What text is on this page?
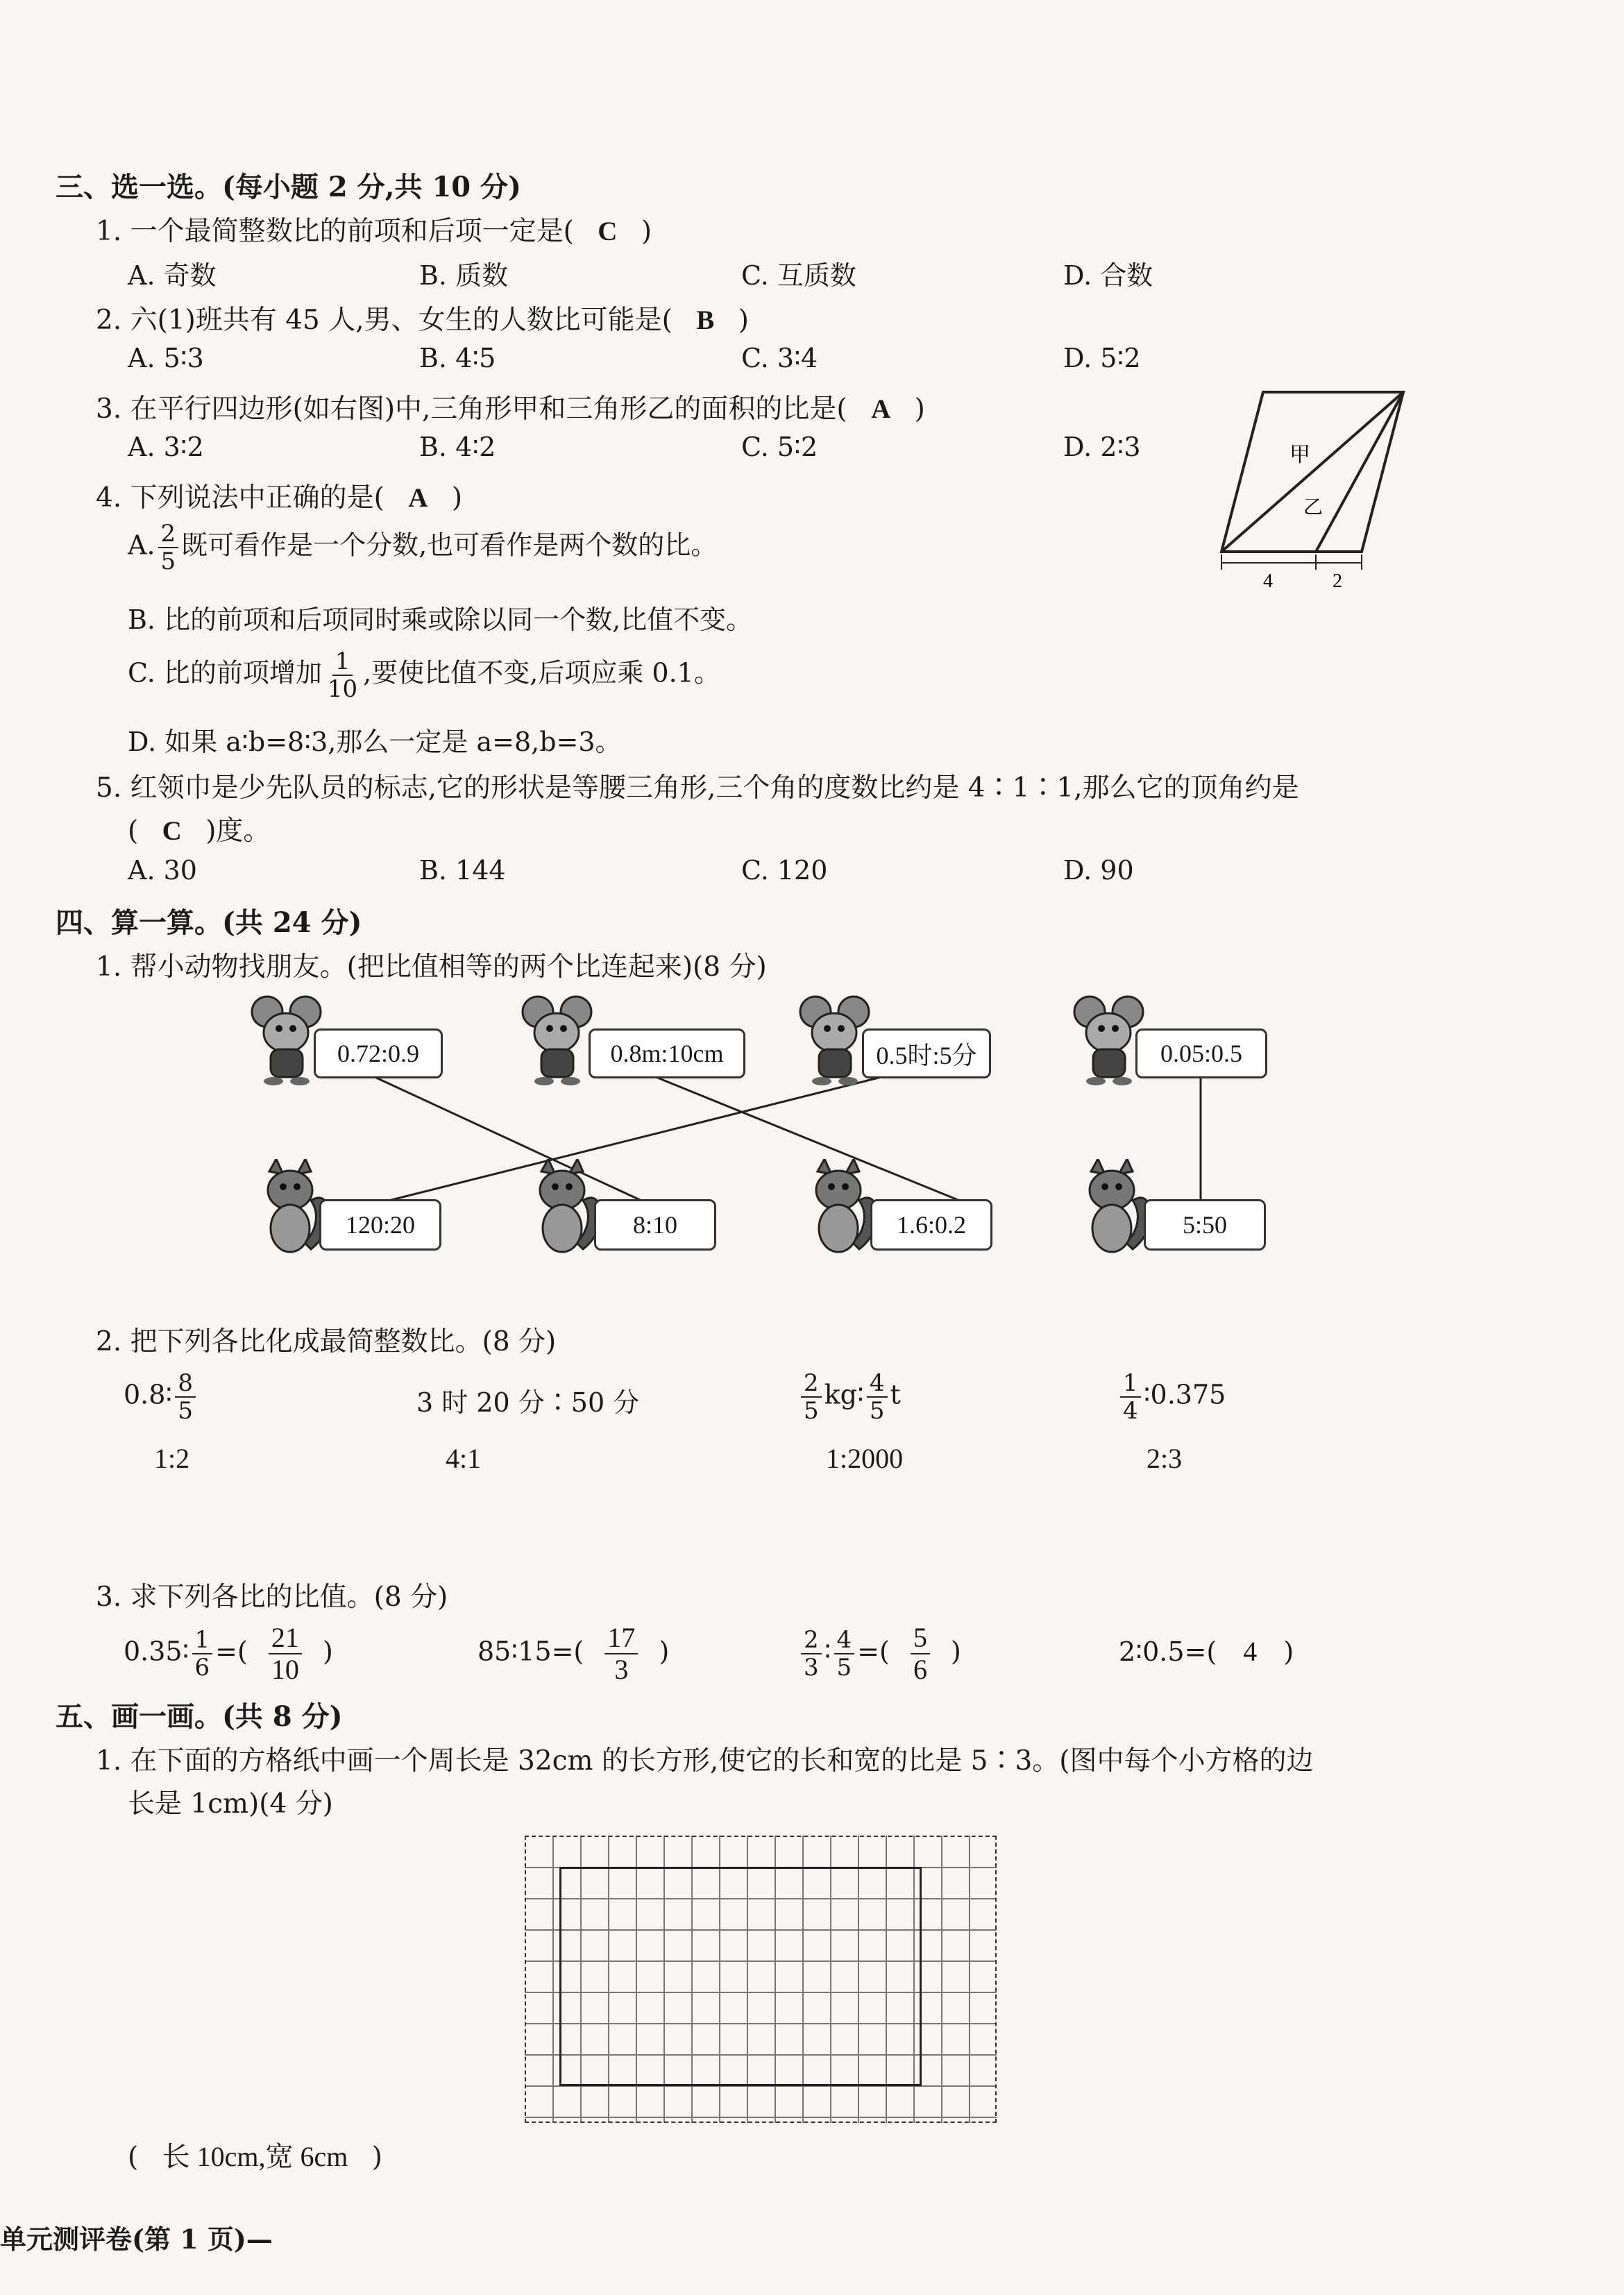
三、选一选。(每小题 2 分,共 10 分)
1. 一个最简整数比的前项和后项一定是( C )
A. 奇数	B. 质数	C. 互质数	D. 合数
2. 六(1)班共有 45 人,男、女生的人数比可能是( B )
A. 5∶3	B. 4∶5	C. 3∶4	D. 5∶2
3. 在平行四边形(如右图)中,三角形甲和三角形乙的面积的比是( A )
A. 3∶2	B. 4∶2	C. 5∶2	D. 2∶3	甲
乙
4	2
4. 下列说法中正确的是( A )
A. $\frac{2}{5}$ 既可看作是一个分数,也可看作是两个数的比。
B. 比的前项和后项同时乘或除以同一个数,比值不变。
C. 比的前项增加 $\frac{1}{10}$ ,要使比值不变,后项应乘 0.1。
D. 如果 a∶b=8∶3,那么一定是 a=8,b=3。
5. 红领巾是少先队员的标志,它的形状是等腰三角形,三个角的度数比约是 4∶1∶1,那么它的顶角约是
( C )度。
A. 30	B. 144	C. 120	D. 90
四、算一算。(共 24 分)
1. 帮小动物找朋友。(把比值相等的两个比连起来)(8 分)
0.72:0.9	0.8m:10cm	0.5时:5分	0.05:0.5
120:20	8:10	1.6:0.2	5:50
2. 把下列各比化成最简整数比。(8 分)
0.8∶ $\frac{8}{5}$	3 时 20 分∶50 分	$\frac{2}{5}$ kg∶ $\frac{4}{5}$ t	$\frac{1}{4}$ ∶0.375
1:2	4:1	1:2000	2:3
3. 求下列各比的比值。(8 分)
0.35∶ $\frac{1}{6}$ =( $\frac{21}{10}$ )	85∶15=( $\frac{17}{3}$ )	$\frac{2}{3}$ ∶ $\frac{4}{5}$ =( $\frac{5}{6}$ )	2∶0.5=( 4 )
五、画一画。(共 8 分)
1. 在下面的方格纸中画一个周长是 32cm 的长方形,使它的长和宽的比是 5∶3。(图中每个小方格的边
长是 1cm)(4 分)
( 长 10cm,宽 6cm )
单元测评卷(第 1 页)—
